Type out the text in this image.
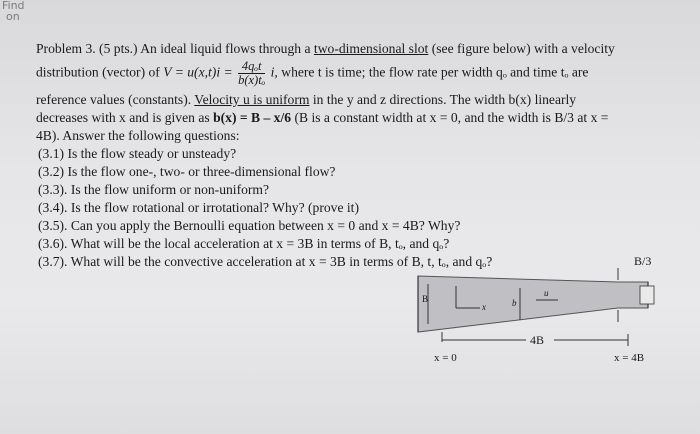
Find
on
Problem 3. (5 pts.) An ideal liquid flows through a two-dimensional slot (see figure below) with a velocity
distribution (vector) of $V = u(x,t)i = \frac{\text{4qₒt}}{\text{b(x)tₒ}} i$, where t is time; the flow rate per width qₒ and time tₒ are
reference values (constants). Velocity u is uniform in the y and z directions. The width b(x) linearly
decreases with x and is given as b(x) = B – x/6 (B is a constant width at x = 0, and the width is B/3 at x =
4B). Answer the following questions:
(3.1) Is the flow steady or unsteady?
(3.2) Is the flow one-, two- or three-dimensional flow?
(3.3). Is the flow uniform or non-uniform?
(3.4). Is the flow rotational or irrotational? Why? (prove it)
(3.5). Can you apply the Bernoulli equation between x = 0 and x = 4B? Why?
(3.6). What will be the local acceleration at x = 3B in terms of B, tₒ, and qₒ?
(3.7). What will be the convective acceleration at x = 3B in terms of B, t, tₒ, and qₒ?	B/3
B
x	b
u
4B
x = 0	x = 4B
